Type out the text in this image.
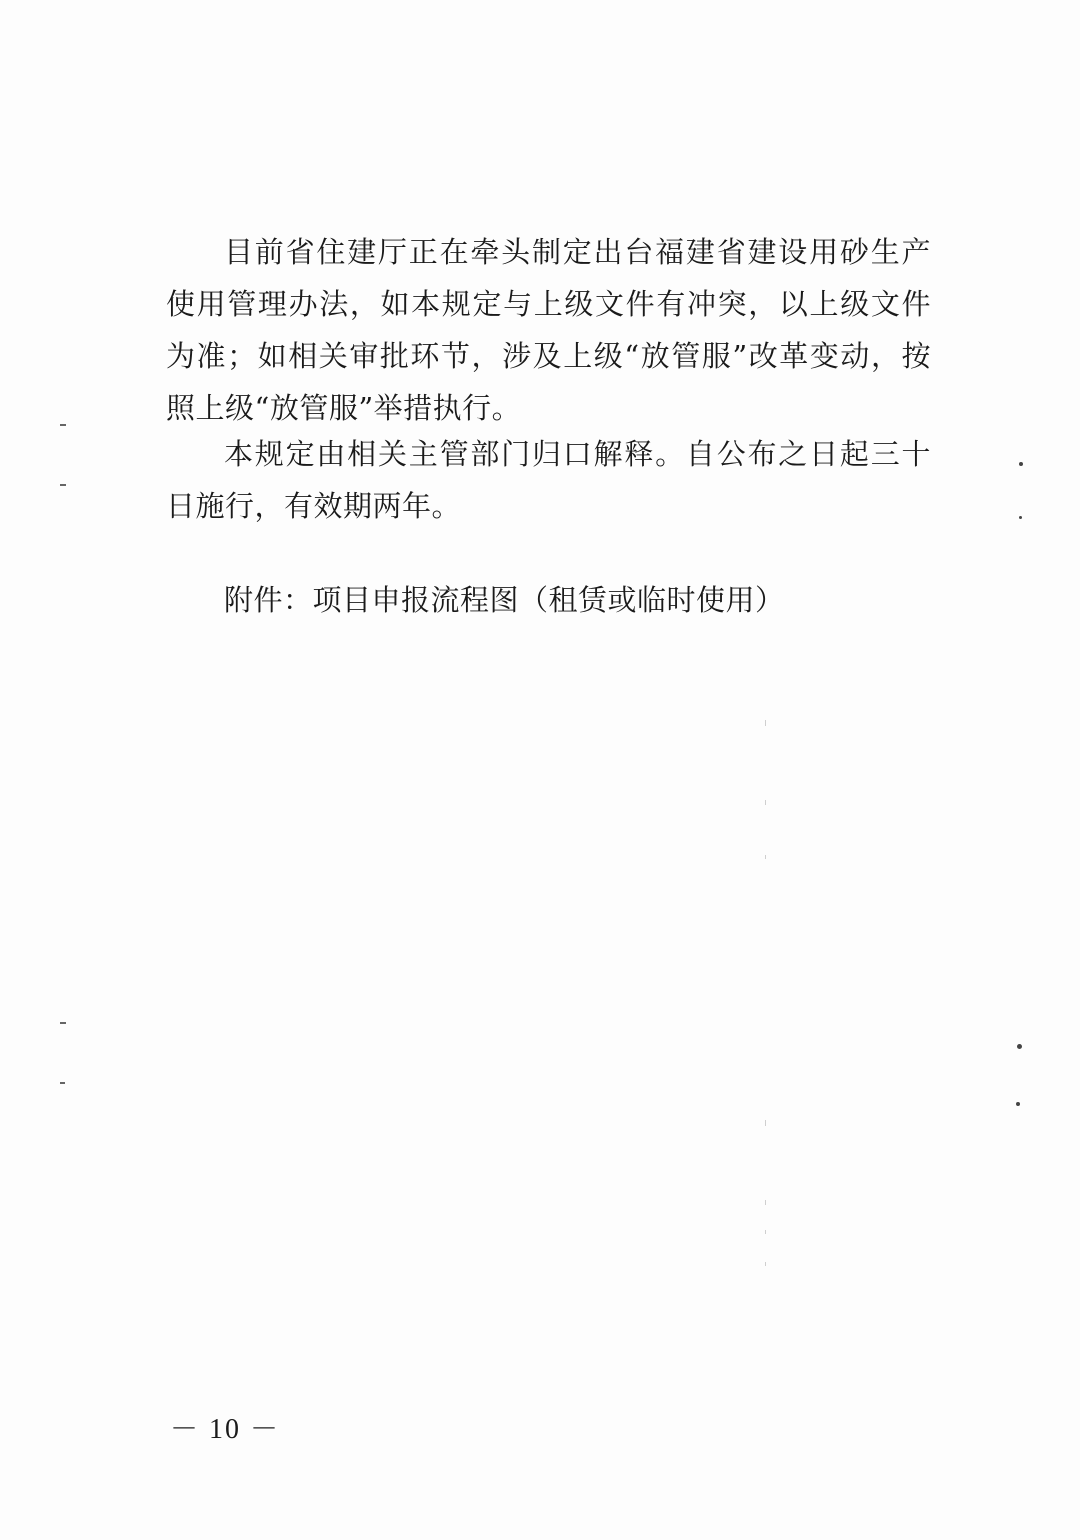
目前省住建厅正在牵头制定出台福建省建设用砂生产使用管理办法，如本规定与上级文件有冲突，以上级文件为准；如相关审批环节，涉及上级“放管服”改革变动，按照上级“放管服”举措执行。

本规定由相关主管部门归口解释。自公布之日起三十日施行，有效期两年。

附件：项目申报流程图（租赁或临时使用）

－ 10 －
